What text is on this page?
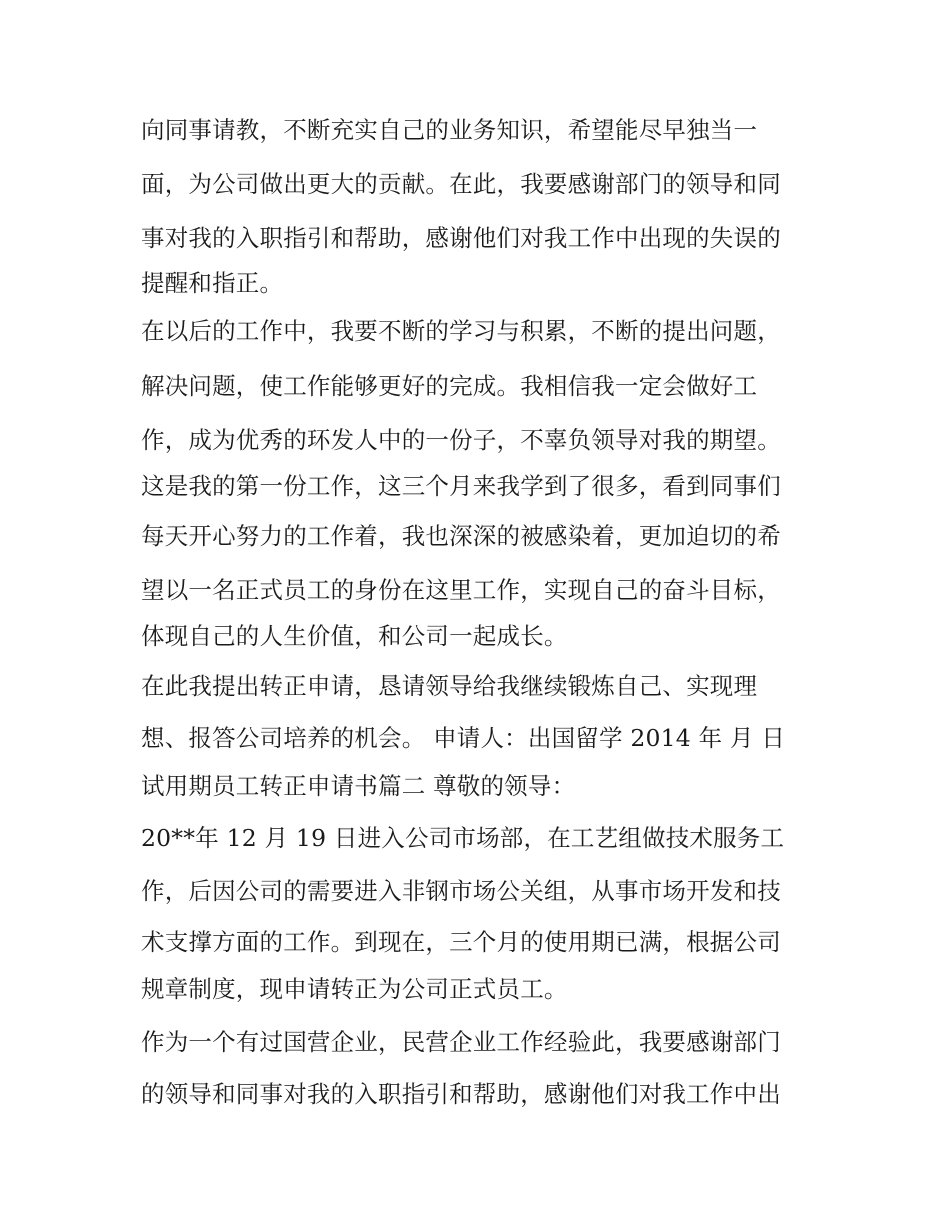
向同事请教，不断充实自己的业务知识，希望能尽早独当一
面，为公司做出更大的贡献。在此，我要感谢部门的领导和同
事对我的入职指引和帮助，感谢他们对我工作中出现的失误的
提醒和指正。
在以后的工作中，我要不断的学习与积累，不断的提出问题，
解决问题，使工作能够更好的完成。我相信我一定会做好工
作，成为优秀的环发人中的一份子，不辜负领导对我的期望。
这是我的第一份工作，这三个月来我学到了很多，看到同事们
每天开心努力的工作着，我也深深的被感染着，更加迫切的希
望以一名正式员工的身份在这里工作，实现自己的奋斗目标，
体现自己的人生价值，和公司一起成长。
在此我提出转正申请，恳请领导给我继续锻炼自己、实现理
想、报答公司培养的机会。 申请人：出国留学 2014 年 月 日
试用期员工转正申请书篇二 尊敬的领导：
20**年 12 月 19 日进入公司市场部，在工艺组做技术服务工
作，后因公司的需要进入非钢市场公关组，从事市场开发和技
术支撑方面的工作。到现在，三个月的使用期已满，根据公司
规章制度，现申请转正为公司正式员工。
作为一个有过国营企业，民营企业工作经验此，我要感谢部门
的领导和同事对我的入职指引和帮助，感谢他们对我工作中出
